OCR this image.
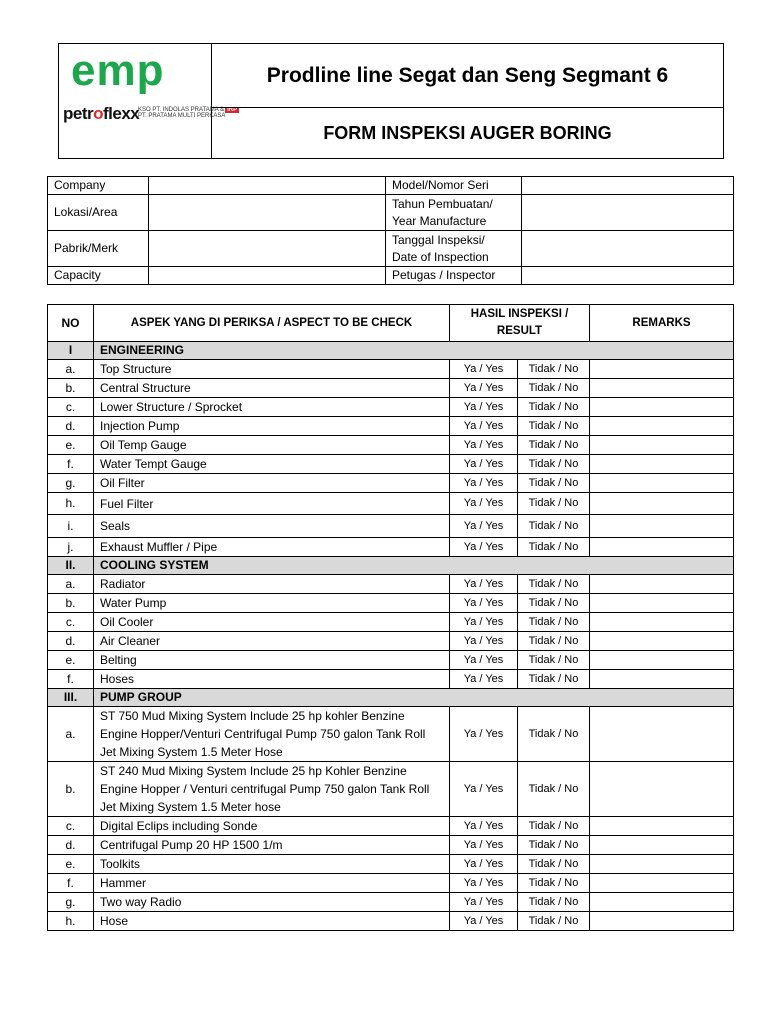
emp
petroflexx
KSO PT. INDOLAS PRATAMA & IRP
PT. PRATAMA MULTI PERKASA
Prodline line Segat dan Seng Segmant 6
FORM INSPEKSI AUGER BORING
Company		Model/Nomor Seri	
Lokasi/Area		Tahun Pembuatan/
Year Manufacture	

Pabrik/Merk		Tanggal Inspeksi/
Date of Inspection	

Capacity		Petugas / Inspector	
NO	ASPEK YANG DI PERIKSA / ASPECT TO BE CHECK	HASIL INSPEKSI /
RESULT		REMARKS
I	ENGINEERING			
a.	Top Structure	Ya / Yes	Tidak / No	
b.	Central Structure	Ya / Yes	Tidak / No	
c.	Lower Structure / Sprocket	Ya / Yes	Tidak / No	
d.	Injection Pump	Ya / Yes	Tidak / No	
e.	Oil Temp Gauge	Ya / Yes	Tidak / No	
f.	Water Tempt Gauge	Ya / Yes	Tidak / No	
g.	Oil Filter	Ya / Yes	Tidak / No	
h.	Fuel Filter	Ya / Yes	Tidak / No	
i.	Seals	Ya / Yes	Tidak / No	
j.	Exhaust Muffler / Pipe	Ya / Yes	Tidak / No	
II.	COOLING SYSTEM			
a.	Radiator	Ya / Yes	Tidak / No	
b.	Water Pump	Ya / Yes	Tidak / No	
c.	Oil Cooler	Ya / Yes	Tidak / No	
d.	Air Cleaner	Ya / Yes	Tidak / No	
e.	Belting	Ya / Yes	Tidak / No	
f.	Hoses	Ya / Yes	Tidak / No	
III.	PUMP GROUP			
a.	ST 750 Mud Mixing System Include 25 hp kohler Benzine Engine Hopper/Venturi Centrifugal Pump 750 galon Tank Roll Jet Mixing System 1.5 Meter Hose	Ya / Yes	Tidak / No	
b.	ST 240 Mud Mixing System Include 25 hp Kohler Benzine Engine Hopper / Venturi centrifugal Pump 750 galon Tank Roll Jet Mixing System 1.5 Meter hose	Ya / Yes	Tidak / No	
c.	Digital Eclips including Sonde	Ya / Yes	Tidak / No	
d.	Centrifugal Pump 20 HP 1500 1/m	Ya / Yes	Tidak / No	
e.	Toolkits	Ya / Yes	Tidak / No	
f.	Hammer	Ya / Yes	Tidak / No	
g.	Two way Radio	Ya / Yes	Tidak / No	
h.	Hose	Ya / Yes	Tidak / No	
